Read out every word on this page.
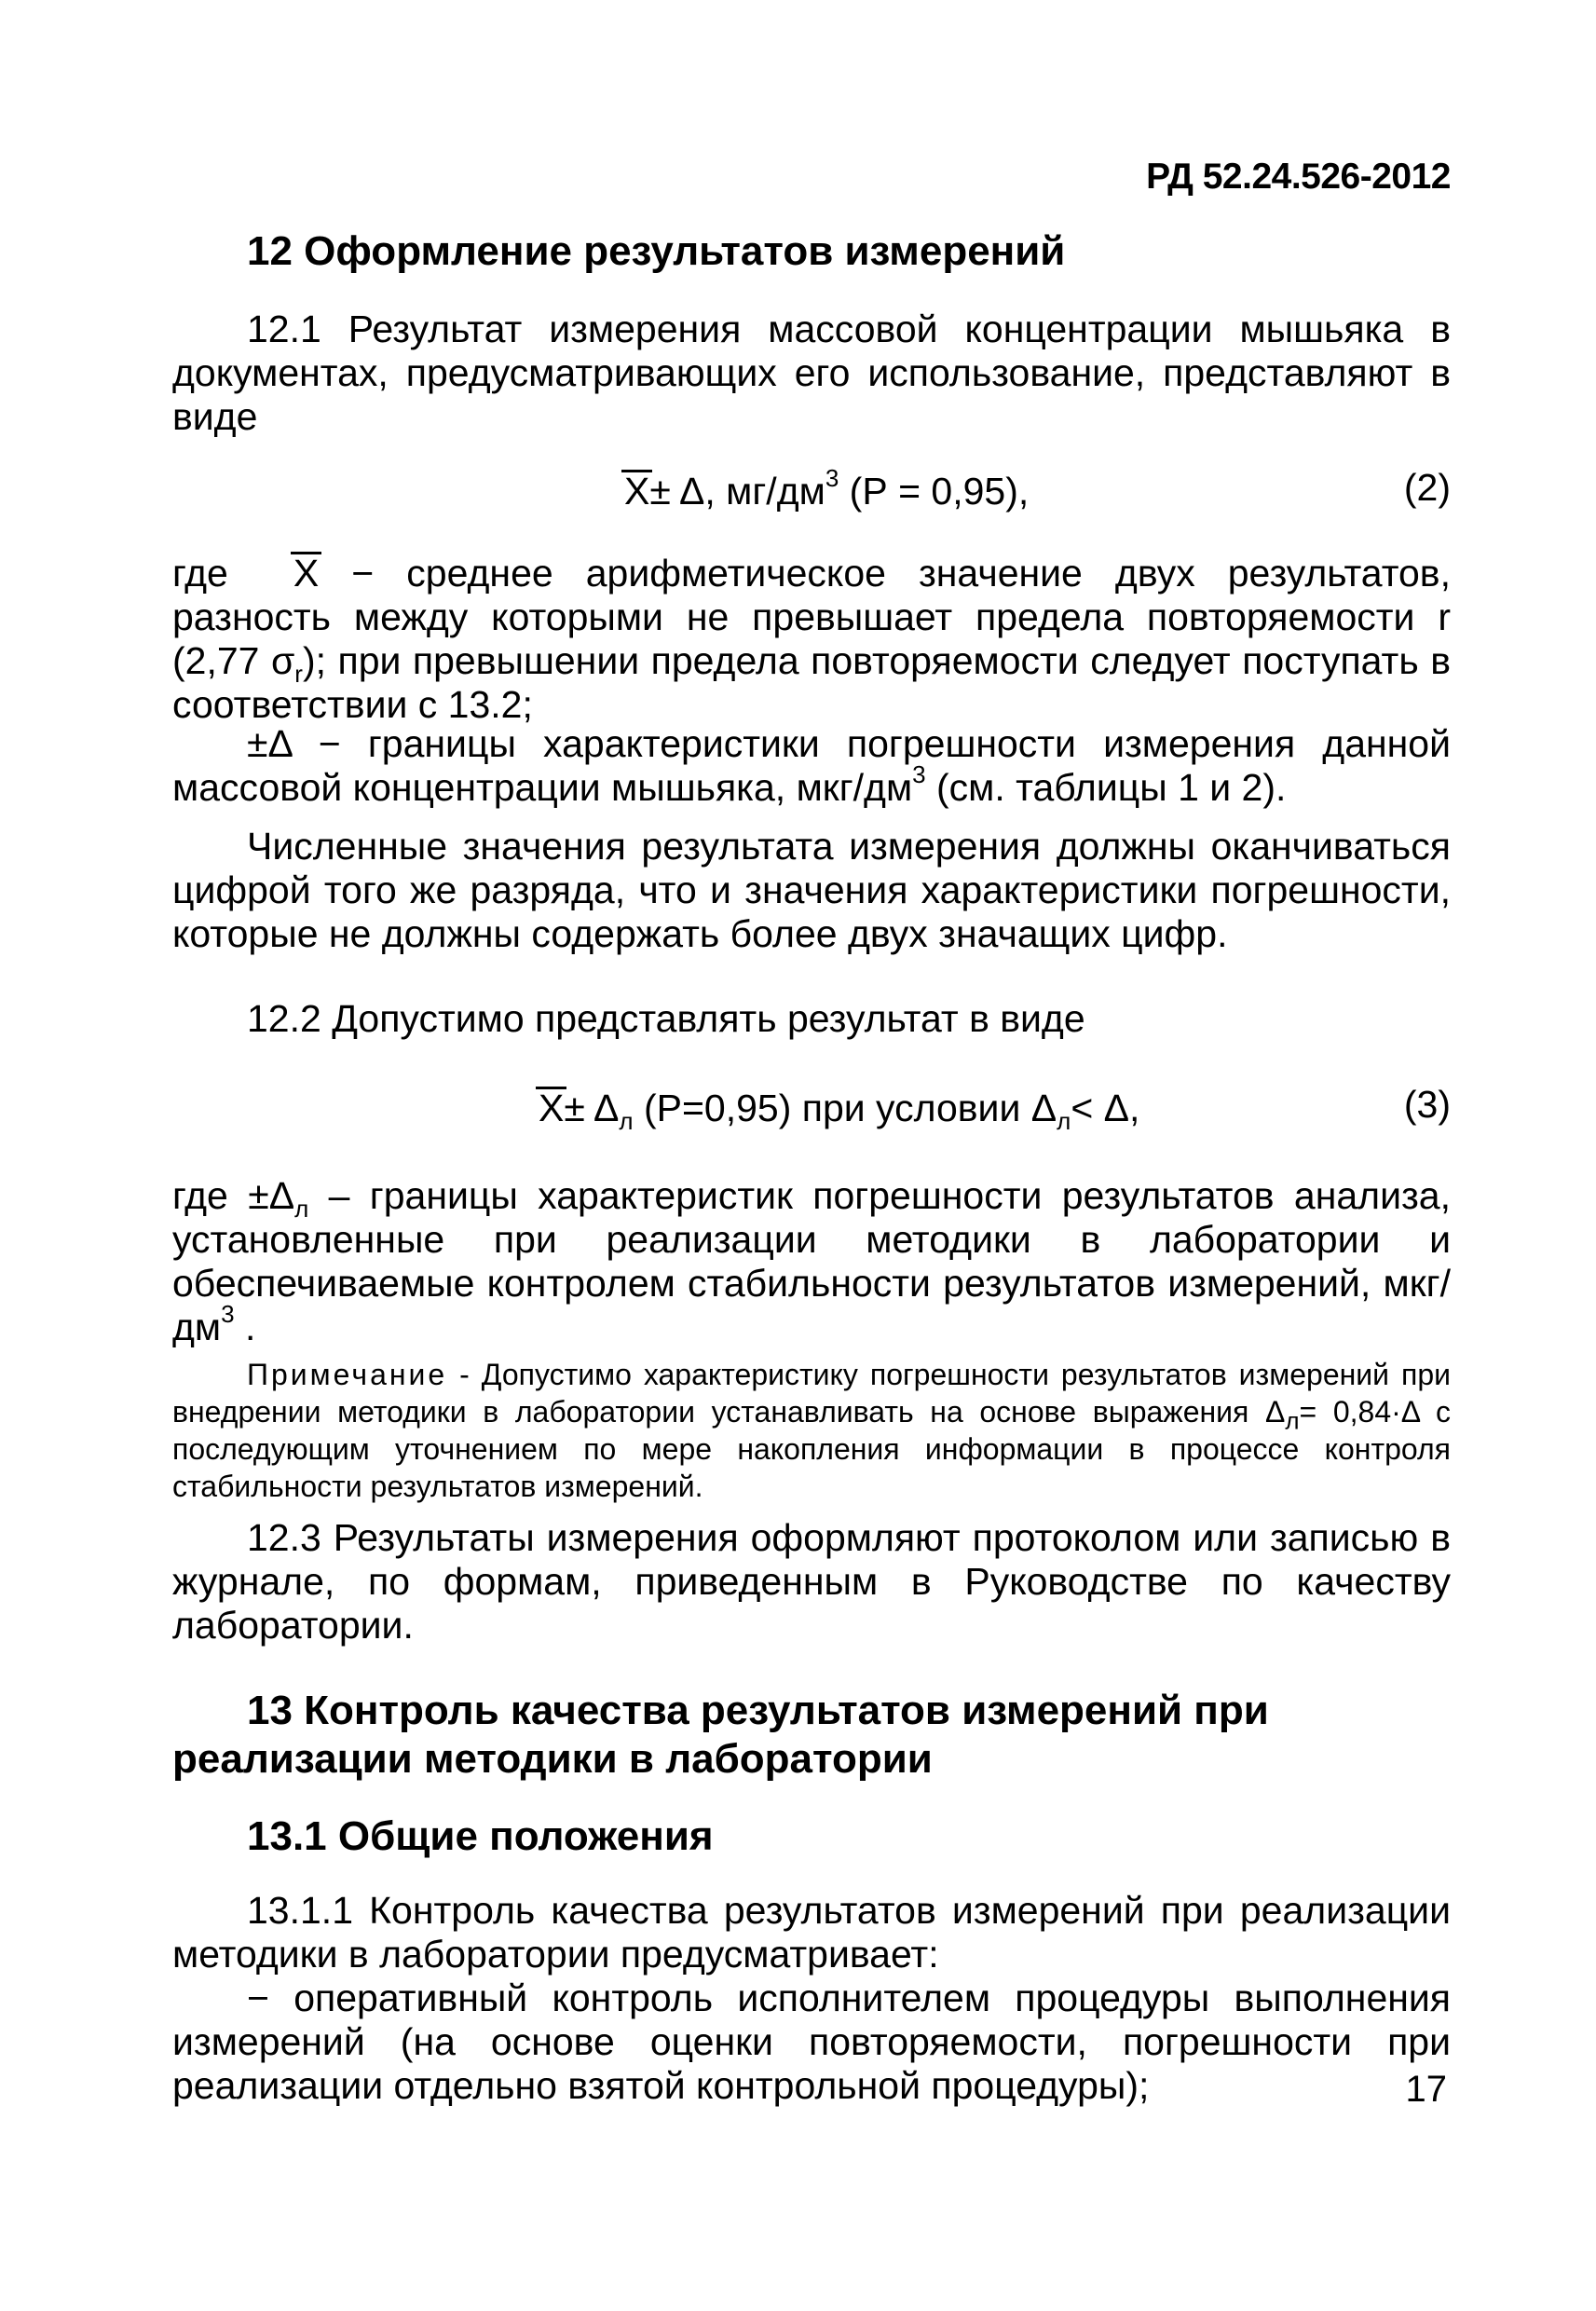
РД 52.24.526-2012
12 Оформление результатов измерений
12.1 Результат измерения массовой концентрации мышьяка в документах, предусматривающих его использование, представляют в виде
X± Δ, $мг/дм^3$ (Р = 0,95),	(2)
где X − среднее арифметическое значение двух результатов, разность между которыми не превышает предела повторяемости r (2,77 $\sigma_r$); при превышении предела повторяемости следует поступать в соответствии с 13.2;
±Δ − границы характеристики погрешности измерения данной массовой концентрации мышьяка, мкг/$дм^3$ (см. таблицы 1 и 2).
Численные значения результата измерения должны оканчиваться цифрой того же разряда, что и значения характеристики погрешности, которые не должны содержать более двух значащих цифр.
12.2 Допустимо представлять результат в виде
$X\pm \Delta_л$ (Р=0,95) при условии $\Delta_л< \Delta$,	(3)
где $\pm\Delta_л$ – границы характеристик погрешности результатов анализа, установленные при реализации методики в лаборатории и обеспечиваемые контролем стабильности результатов измерений, мкг/$дм^3$ .
Примечание - Допустимо характеристику погрешности результатов измерений при внедрении методики в лаборатории устанавливать на основе выражения $\Delta_л= 0,84\cdot\Delta$ с последующим уточнением по мере накопления информации в процессе контроля стабильности результатов измерений.
12.3 Результаты измерения оформляют протоколом или записью в журнале, по формам, приведенным в Руководстве по качеству лаборатории.
13 Контроль качества результатов измерений при реализации методики в лаборатории
13.1 Общие положения
13.1.1 Контроль качества результатов измерений при реализации методики в лаборатории предусматривает:
− оперативный контроль исполнителем процедуры выполнения измерений (на основе оценки повторяемости, погрешности при реализации отдельно взятой контрольной процедуры);	17
